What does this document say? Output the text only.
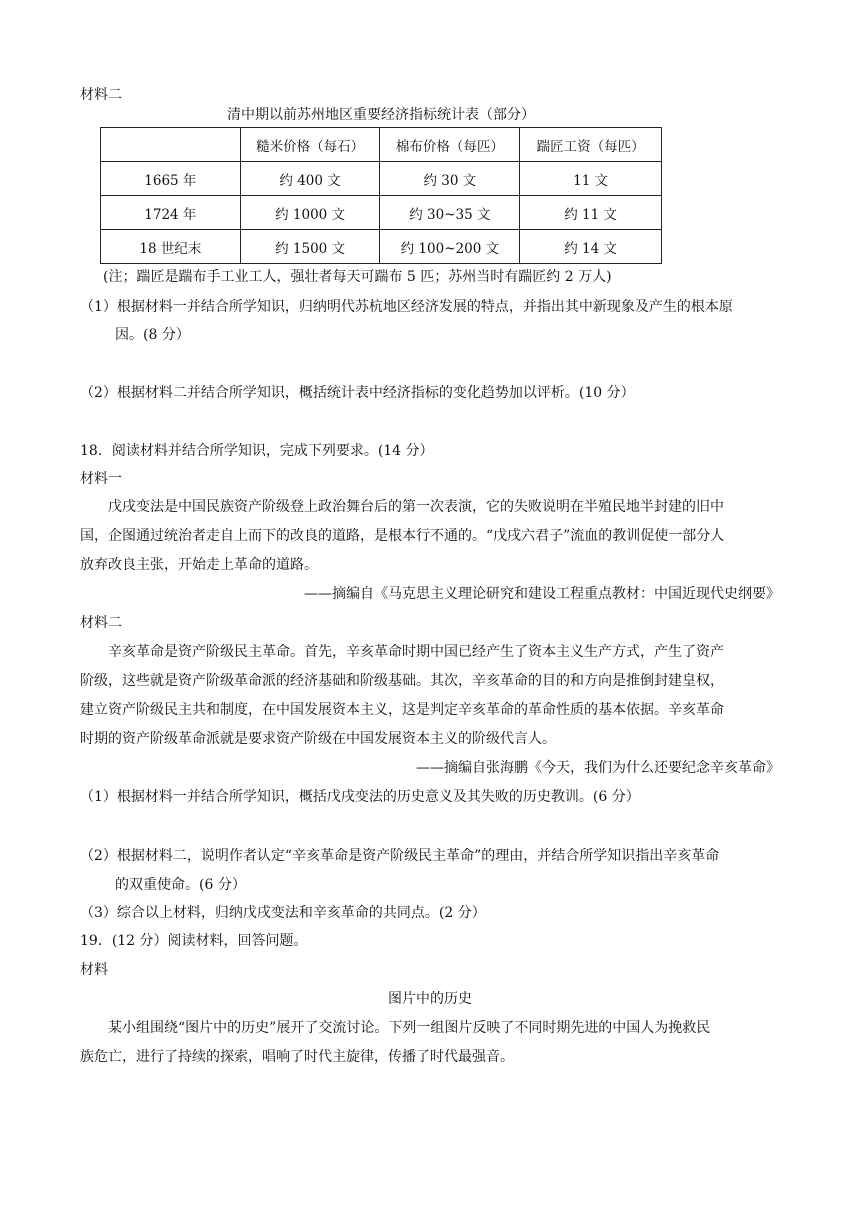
材料二
清中期以前苏州地区重要经济指标统计表（部分）
	糙米价格（每石）	棉布价格（每匹）	踹匠工资（每匹）
1665 年	约 400 文	约 30 文	11 文
1724 年	约 1000 文	约 30~35 文	约 11 文
18 世纪末	约 1500 文	约 100~200 文	约 14 文
(注；踹匠是踹布手工业工人，强壮者每天可踹布 5 匹；苏州当时有踹匠约 2 万人)
（1）根据材料一并结合所学知识，归纳明代苏杭地区经济发展的特点，并指出其中新现象及产生的根本原
因。(8 分）
（2）根据材料二并结合所学知识，概括统计表中经济指标的变化趋势加以评析。(10 分）
18．阅读材料并结合所学知识，完成下列要求。(14 分）
材料一
戊戌变法是中国民族资产阶级登上政治舞台后的第一次表演，它的失败说明在半殖民地半封建的旧中
国，企图通过统治者走自上而下的改良的道路，是根本行不通的。“戊戌六君子”流血的教训促使一部分人
放弃改良主张，开始走上革命的道路。
——摘编自《马克思主义理论研究和建设工程重点教材：中国近现代史纲要》
材料二
辛亥革命是资产阶级民主革命。首先，辛亥革命时期中国已经产生了资本主义生产方式，产生了资产
阶级，这些就是资产阶级革命派的经济基础和阶级基础。其次，辛亥革命的目的和方向是推倒封建皇权，
建立资产阶级民主共和制度，在中国发展资本主义，这是判定辛亥革命的革命性质的基本依据。辛亥革命
时期的资产阶级革命派就是要求资产阶级在中国发展资本主义的阶级代言人。
——摘编自张海鹏《今天，我们为什么还要纪念辛亥革命》
（1）根据材料一并结合所学知识，概括戊戌变法的历史意义及其失败的历史教训。(6 分）
（2）根据材料二，说明作者认定“辛亥革命是资产阶级民主革命”的理由，并结合所学知识指出辛亥革命
的双重使命。(6 分）
（3）综合以上材料，归纳戊戌变法和辛亥革命的共同点。(2 分）
19．(12 分）阅读材料，回答问题。
材料
图片中的历史
某小组围绕“图片中的历史”展开了交流讨论。下列一组图片反映了不同时期先进的中国人为挽救民
族危亡，进行了持续的探索，唱响了时代主旋律，传播了时代最强音。
